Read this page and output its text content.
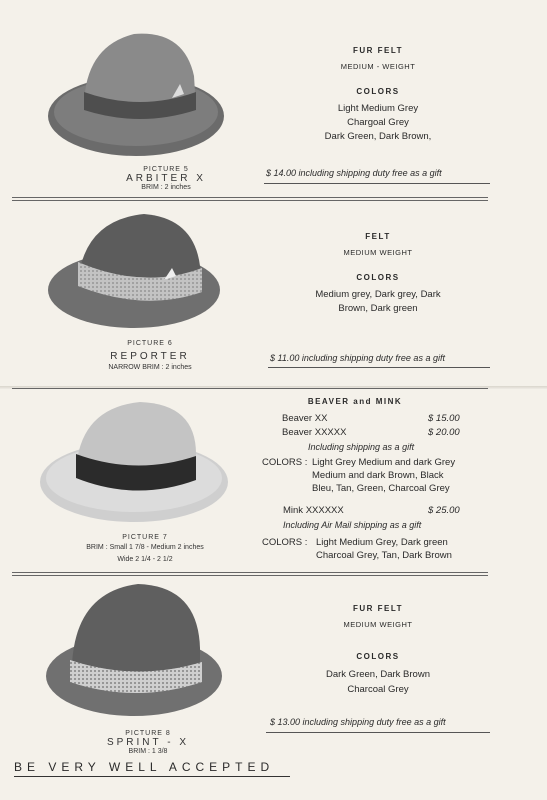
PICTURE 5
ARBITER X
BRIM : 2 inches
FUR FELT
MEDIUM - WEIGHT
COLORS
Light Medium Grey
Chargoal Grey
Dark Green, Dark Brown,
$ 14.00 including shipping duty free as a gift
PICTURE 6
REPORTER
NARROW BRIM : 2 inches
FELT
MEDIUM WEIGHT
COLORS
Medium grey, Dark grey, Dark
Brown, Dark green
$ 11.00 including shipping duty free as a gift
PICTURE 7
BRIM : Small 1 7/8 - Medium 2 inches
Wide 2 1/4 - 2 1/2
BEAVER and MINK
Beaver XX	$ 15.00
Beaver XXXXX	$ 20.00
Including shipping as a gift
COLORS : Light Grey Medium and dark Grey
Medium and dark Brown, Black
Bleu, Tan, Green, Charcoal Grey
Mink XXXXXX	$ 25.00
Including Air Mail shipping as a gift
COLORS : Light Medium Grey, Dark green
Charcoal Grey, Tan, Dark Brown
PICTURE 8
SPRINT - X
BRIM : 1 3/8
FUR FELT
MEDIUM WEIGHT
COLORS
Dark Green, Dark Brown
Charcoal Grey
$ 13.00 including shipping duty free as a gift
BE VERY WELL ACCEPTED
